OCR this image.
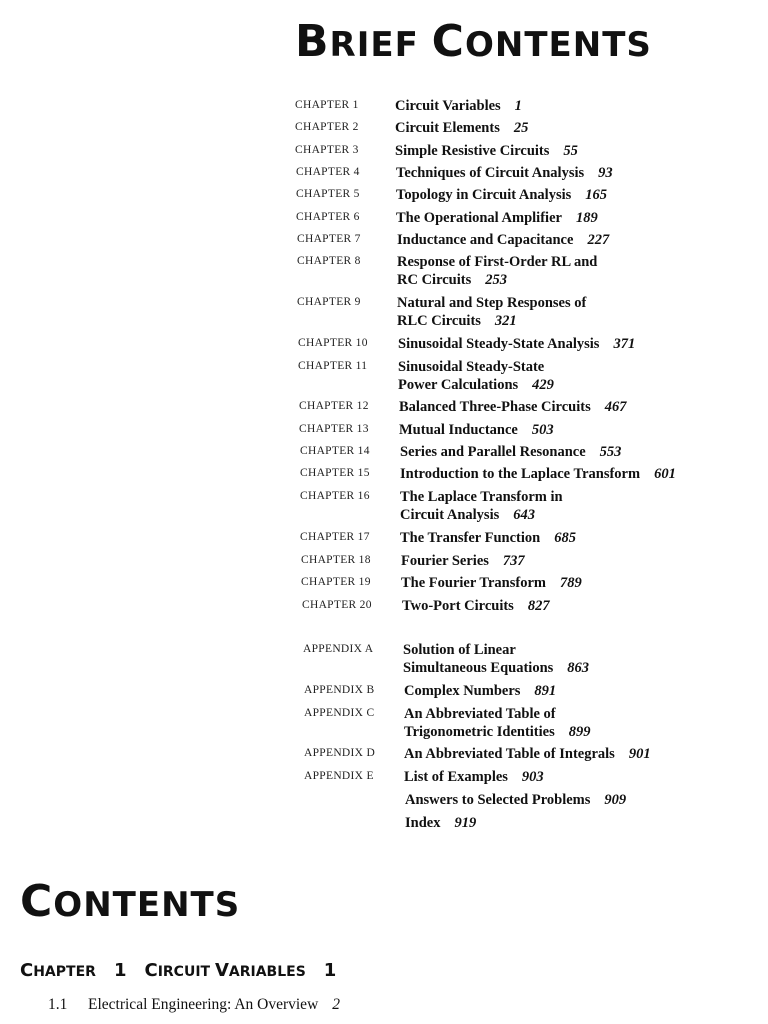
BRIEF CONTENTS
CHAPTER 1	Circuit Variables 1
CHAPTER 2	Circuit Elements 25
CHAPTER 3	Simple Resistive Circuits 55
CHAPTER 4	Techniques of Circuit Analysis 93
CHAPTER 5	Topology in Circuit Analysis 165
CHAPTER 6	The Operational Amplifier 189
CHAPTER 7	Inductance and Capacitance 227
CHAPTER 8	Response of First-Order RL and
RC Circuits 253
CHAPTER 9	Natural and Step Responses of
RLC Circuits 321
CHAPTER 10 Sinusoidal Steady-State Analysis 371
CHAPTER 11 Sinusoidal Steady-State
Power Calculations 429
CHAPTER 12 Balanced Three-Phase Circuits 467
CHAPTER 13 Mutual Inductance 503
CHAPTER 14 Series and Parallel Resonance 553
CHAPTER 15 Introduction to the Laplace Transform 601
CHAPTER 16 The Laplace Transform in
Circuit Analysis 643
CHAPTER 17 The Transfer Function 685
CHAPTER 18 Fourier Series 737
CHAPTER 19 The Fourier Transform 789
CHAPTER 20 Two-Port Circuits 827
APPENDIX A Solution of Linear
Simultaneous Equations 863
APPENDIX B Complex Numbers 891
APPENDIX C An Abbreviated Table of
Trigonometric Identities 899
APPENDIX D An Abbreviated Table of Integrals 901
APPENDIX E List of Examples 903
Answers to Selected Problems 909
Index 919
CONTENTS
CHAPTER 1 CIRCUIT VARIABLES 1
1.1 Electrical Engineering: An Overview 2
